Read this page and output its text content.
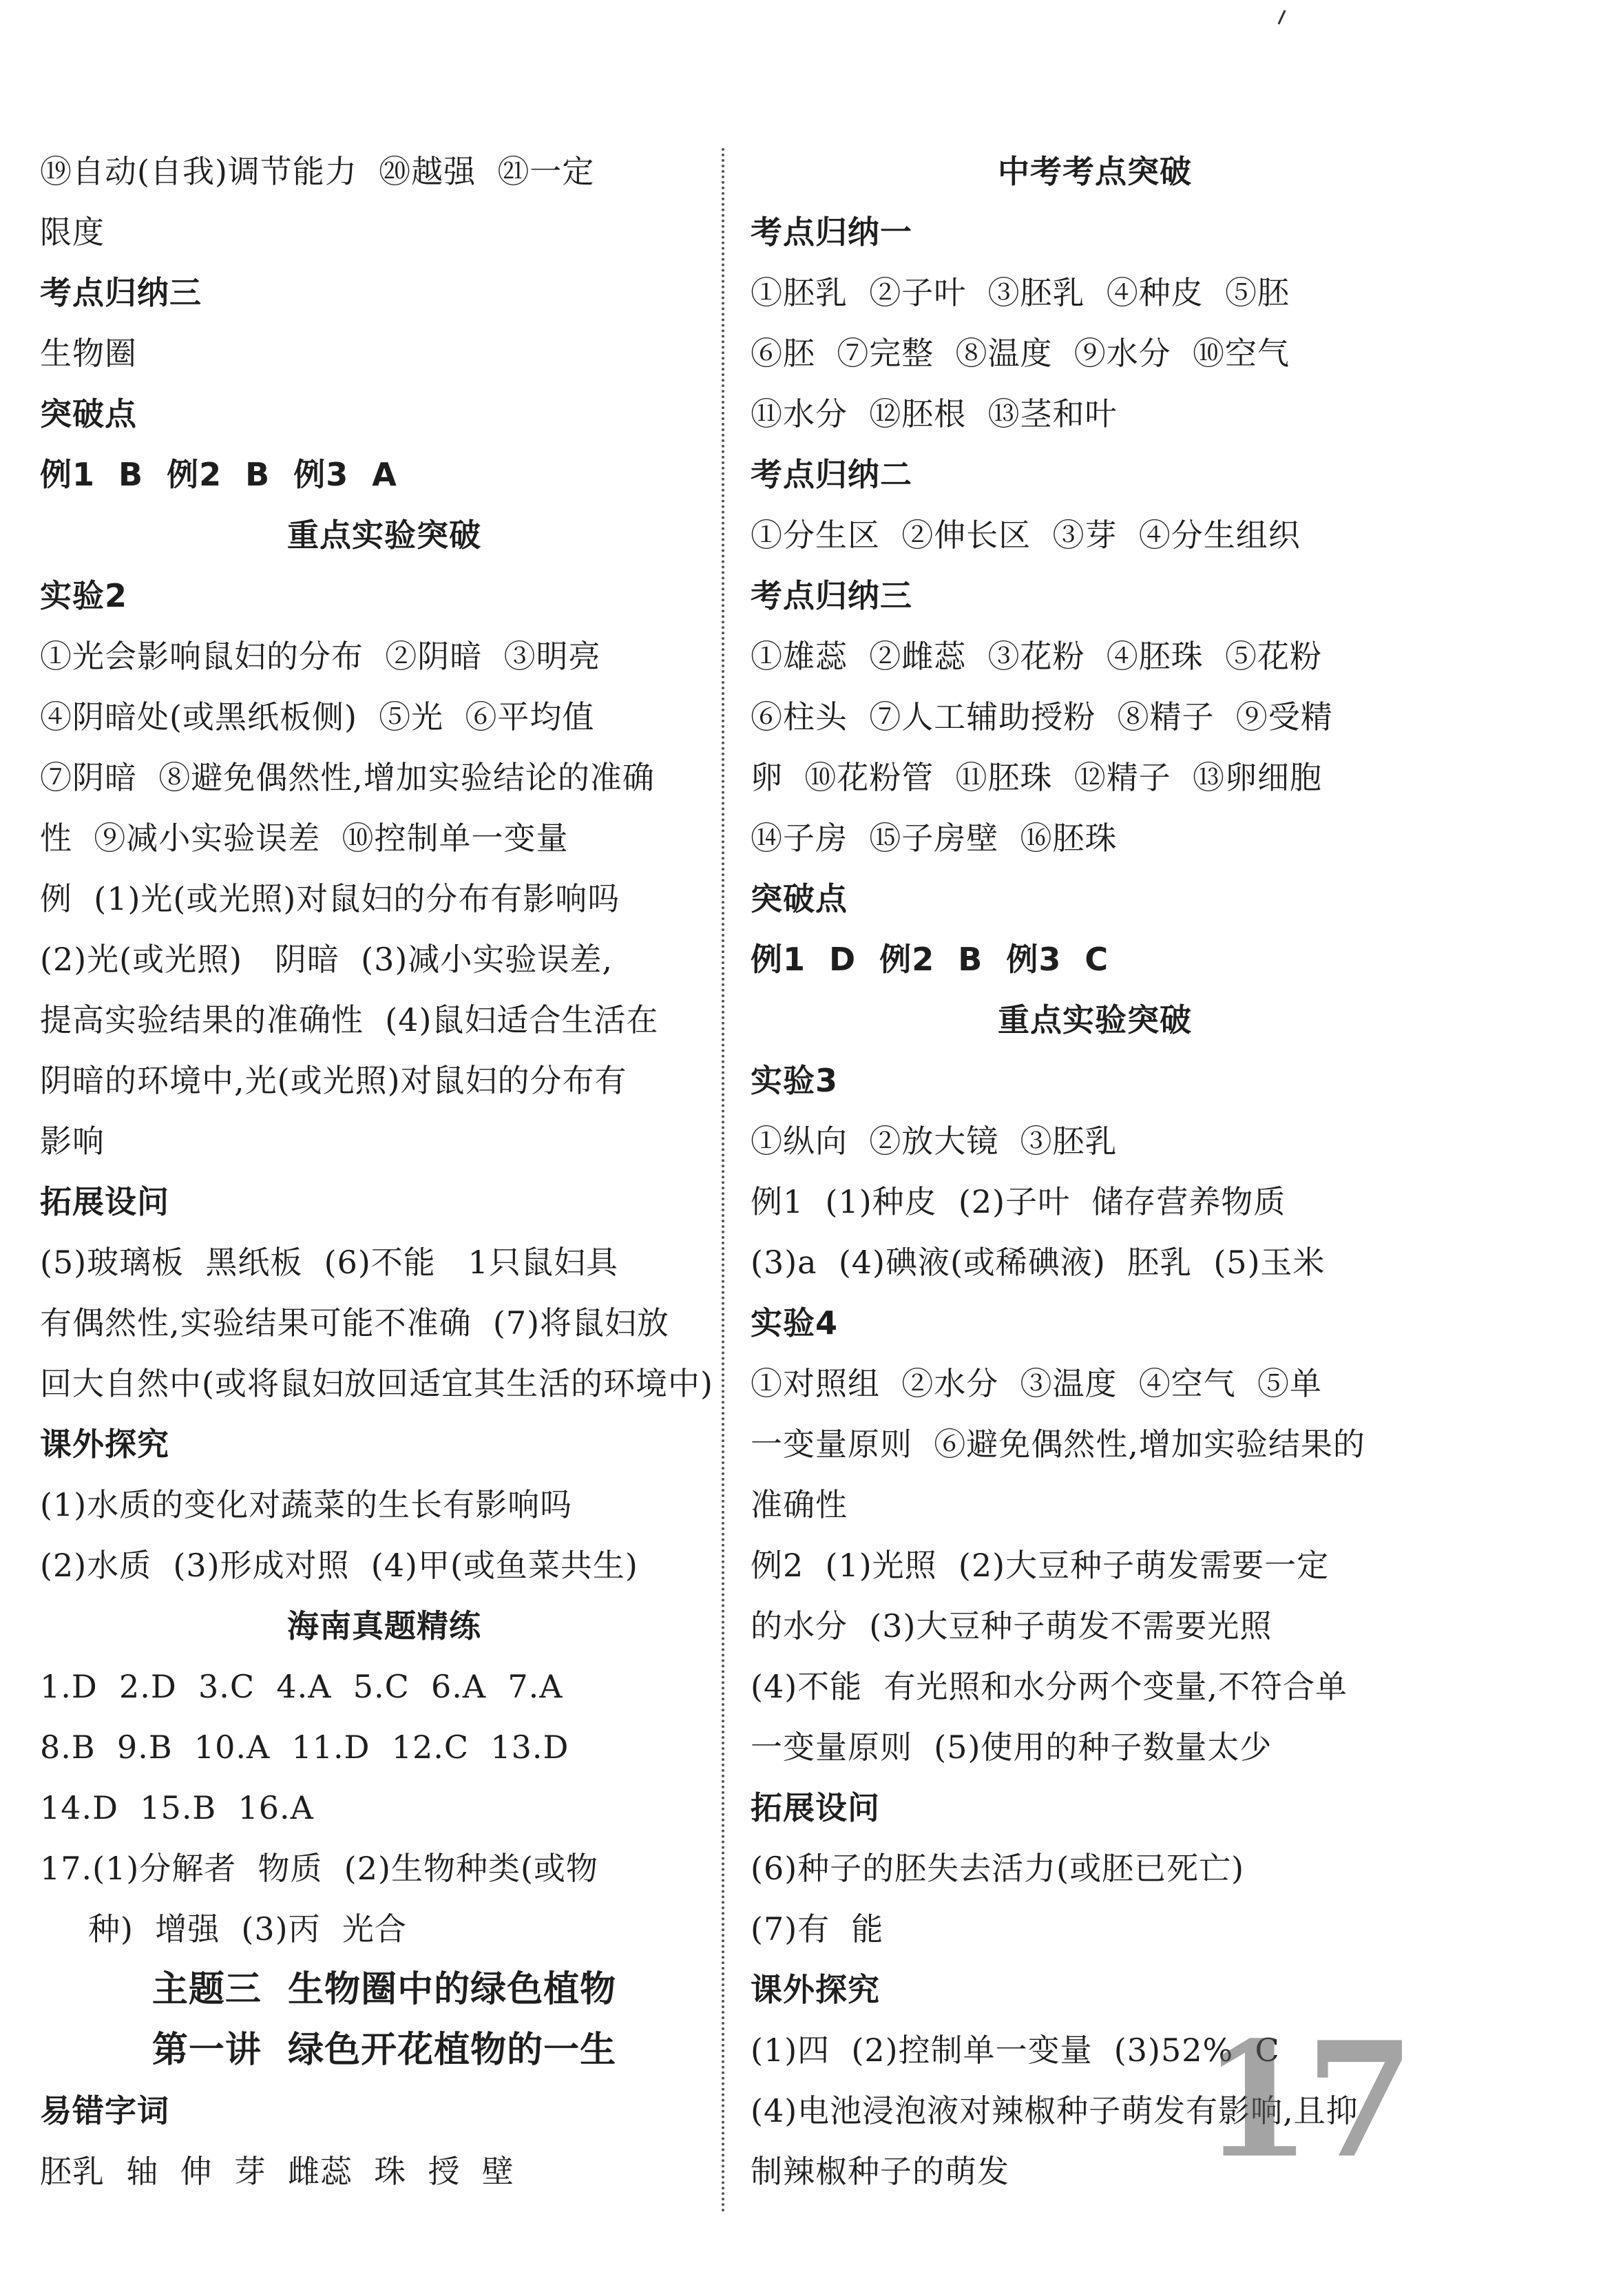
⑲自动(自我)调节能力  ⑳越强  ㉑一定
限度
考点归纳三
生物圈
突破点
例1  B  例2  B  例3  A
重点实验突破
实验2
①光会影响鼠妇的分布  ②阴暗  ③明亮
④阴暗处(或黑纸板侧)  ⑤光  ⑥平均值
⑦阴暗  ⑧避免偶然性,增加实验结论的准确
性  ⑨减小实验误差  ⑩控制单一变量
例  (1)光(或光照)对鼠妇的分布有影响吗
(2)光(或光照)   阴暗  (3)减小实验误差,
提高实验结果的准确性  (4)鼠妇适合生活在
阴暗的环境中,光(或光照)对鼠妇的分布有
影响
拓展设问
(5)玻璃板  黑纸板  (6)不能   1只鼠妇具
有偶然性,实验结果可能不准确  (7)将鼠妇放
回大自然中(或将鼠妇放回适宜其生活的环境中)
课外探究
(1)水质的变化对蔬菜的生长有影响吗
(2)水质  (3)形成对照  (4)甲(或鱼菜共生)
海南真题精练
1.D  2.D  3.C  4.A  5.C  6.A  7.A
8.B  9.B  10.A  11.D  12.C  13.D
14.D  15.B  16.A
17.(1)分解者  物质  (2)生物种类(或物
种)  增强  (3)丙  光合
主题三  生物圈中的绿色植物
第一讲  绿色开花植物的一生
易错字词
胚乳  轴  伸  芽  雌蕊  珠  授  壁
中考考点突破
考点归纳一
①胚乳  ②子叶  ③胚乳  ④种皮  ⑤胚
⑥胚  ⑦完整  ⑧温度  ⑨水分  ⑩空气
⑪水分  ⑫胚根  ⑬茎和叶
考点归纳二
①分生区  ②伸长区  ③芽  ④分生组织
考点归纳三
①雄蕊  ②雌蕊  ③花粉  ④胚珠  ⑤花粉
⑥柱头  ⑦人工辅助授粉  ⑧精子  ⑨受精
卵  ⑩花粉管  ⑪胚珠  ⑫精子  ⑬卵细胞
⑭子房  ⑮子房壁  ⑯胚珠
突破点
例1  D  例2  B  例3  C
重点实验突破
实验3
①纵向  ②放大镜  ③胚乳
例1  (1)种皮  (2)子叶  储存营养物质
(3)a  (4)碘液(或稀碘液)  胚乳  (5)玉米
实验4
①对照组  ②水分  ③温度  ④空气  ⑤单
一变量原则  ⑥避免偶然性,增加实验结果的
准确性
例2  (1)光照  (2)大豆种子萌发需要一定
的水分  (3)大豆种子萌发不需要光照
(4)不能  有光照和水分两个变量,不符合单
一变量原则  (5)使用的种子数量太少
拓展设问
(6)种子的胚失去活力(或胚已死亡)
(7)有  能
课外探究
(1)四  (2)控制单一变量  (3)52%  C
(4)电池浸泡液对辣椒种子萌发有影响,且抑
制辣椒种子的萌发	17
